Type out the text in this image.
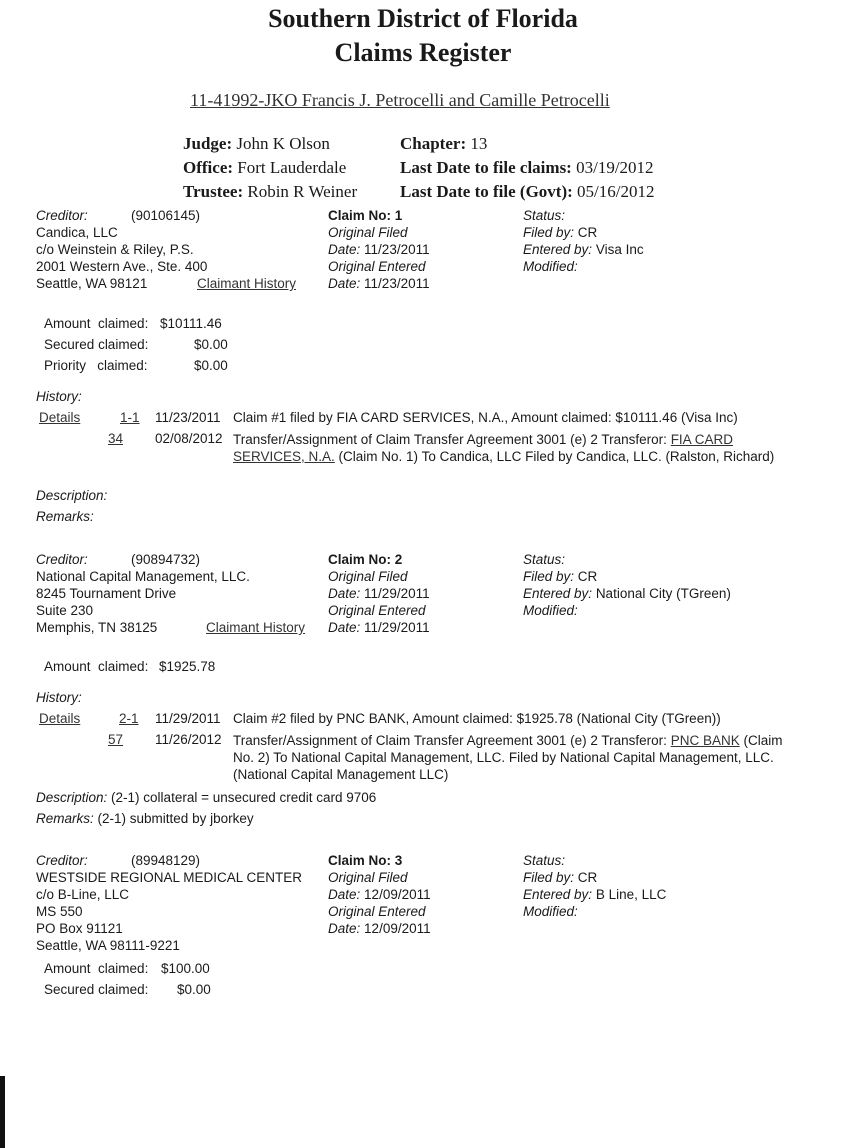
Southern District of Florida
Claims Register
11-41992-JKO Francis J. Petrocelli and Camille Petrocelli
Judge: John K Olson
Office: Fort Lauderdale
Trustee: Robin R Weiner
Chapter: 13
Last Date to file claims: 03/19/2012
Last Date to file (Govt): 05/16/2012
Creditor:	(90106145)
Candica, LLC
c/o Weinstein & Riley, P.S.
2001 Western Ave., Ste. 400
Seattle, WA 98121	Claimant History
Claim No: 1
Original Filed
Date: 11/23/2011
Original Entered
Date: 11/23/2011
Status:
Filed by: CR
Entered by: Visa Inc
Modified:
Amount claimed: $10111.46
Secured claimed:	$0.00
Priority claimed:	$0.00
History:
Details	1-1 11/23/2011 Claim #1 filed by FIA CARD SERVICES, N.A., Amount claimed: $10111.46 (Visa Inc)
34 02/08/2012 Transfer/Assignment of Claim Transfer Agreement 3001 (e) 2 Transferor: FIA CARD SERVICES, N.A. (Claim No. 1) To Candica, LLC Filed by Candica, LLC. (Ralston, Richard)
Description:
Remarks:
Creditor:	(90894732)
National Capital Management, LLC.
8245 Tournament Drive
Suite 230
Memphis, TN 38125	Claimant History
Claim No: 2
Original Filed
Date: 11/29/2011
Original Entered
Date: 11/29/2011
Status:
Filed by: CR
Entered by: National City (TGreen)
Modified:
Amount claimed: $1925.78
History:
Details	2-1 11/29/2011 Claim #2 filed by PNC BANK, Amount claimed: $1925.78 (National City (TGreen))
57 11/26/2012 Transfer/Assignment of Claim Transfer Agreement 3001 (e) 2 Transferor: PNC BANK (Claim No. 2) To National Capital Management, LLC. Filed by National Capital Management, LLC. (National Capital Management LLC)
Description: (2-1) collateral = unsecured credit card 9706
Remarks: (2-1) submitted by jborkey
Creditor:	(89948129)
WESTSIDE REGIONAL MEDICAL CENTER
c/o B-Line, LLC
MS 550
PO Box 91121
Seattle, WA 98111-9221
Claim No: 3
Original Filed
Date: 12/09/2011
Original Entered
Date: 12/09/2011
Status:
Filed by: CR
Entered by: B Line, LLC
Modified:
Amount claimed: $100.00
Secured claimed: $0.00
